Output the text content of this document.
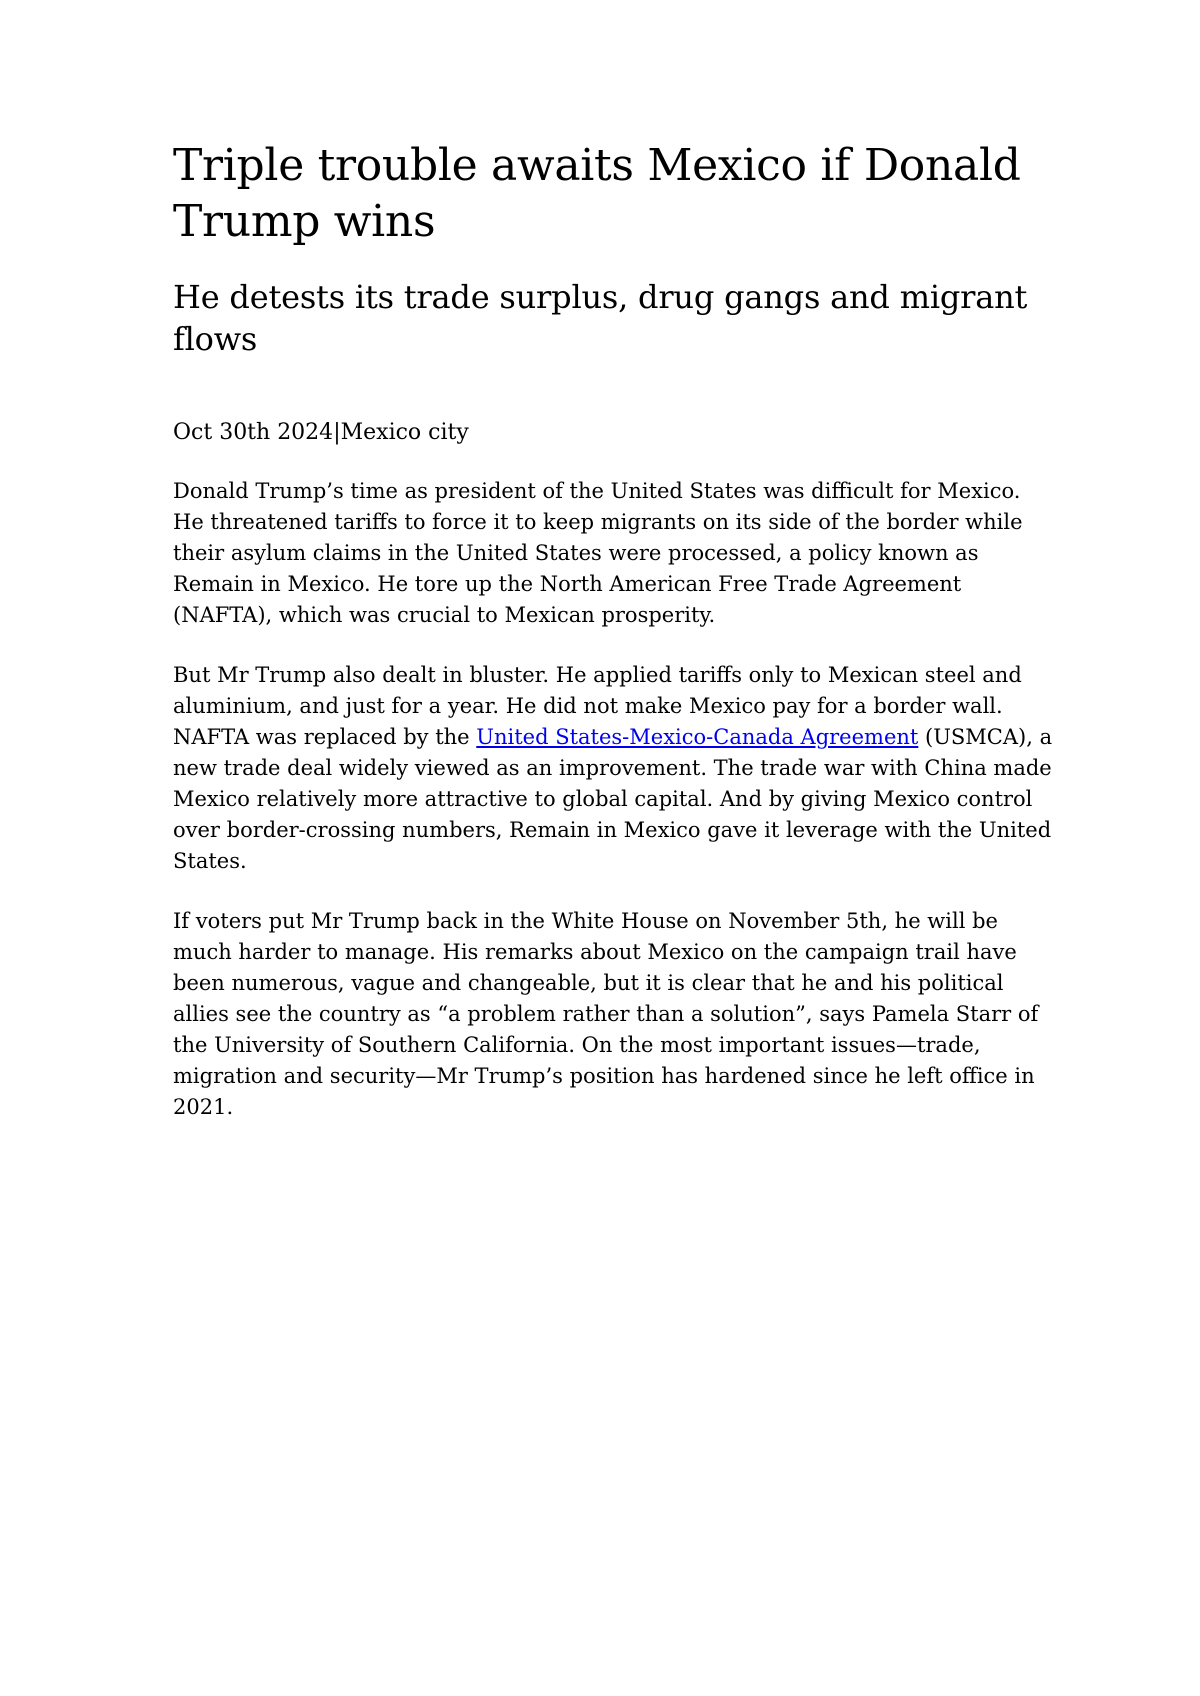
Triple trouble awaits Mexico if Donald Trump wins
He detests its trade surplus, drug gangs and migrant flows
Oct 30th 2024|Mexico city

Donald Trump’s time as president of the United States was difficult for Mexico. He threatened tariffs to force it to keep migrants on its side of the border while their asylum claims in the United States were processed, a policy known as Remain in Mexico. He tore up the North American Free Trade Agreement (NAFTA), which was crucial to Mexican prosperity.

But Mr Trump also dealt in bluster. He applied tariffs only to Mexican steel and aluminium, and just for a year. He did not make Mexico pay for a border wall. NAFTA was replaced by the United States-Mexico-Canada Agreement (USMCA), a new trade deal widely viewed as an improvement. The trade war with China made Mexico relatively more attractive to global capital. And by giving Mexico control over border-crossing numbers, Remain in Mexico gave it leverage with the United States.

If voters put Mr Trump back in the White House on November 5th, he will be much harder to manage. His remarks about Mexico on the campaign trail have been numerous, vague and changeable, but it is clear that he and his political allies see the country as “a problem rather than a solution”, says Pamela Starr of the University of Southern California. On the most important issues—trade, migration and security—Mr Trump’s position has hardened since he left office in 2021.
